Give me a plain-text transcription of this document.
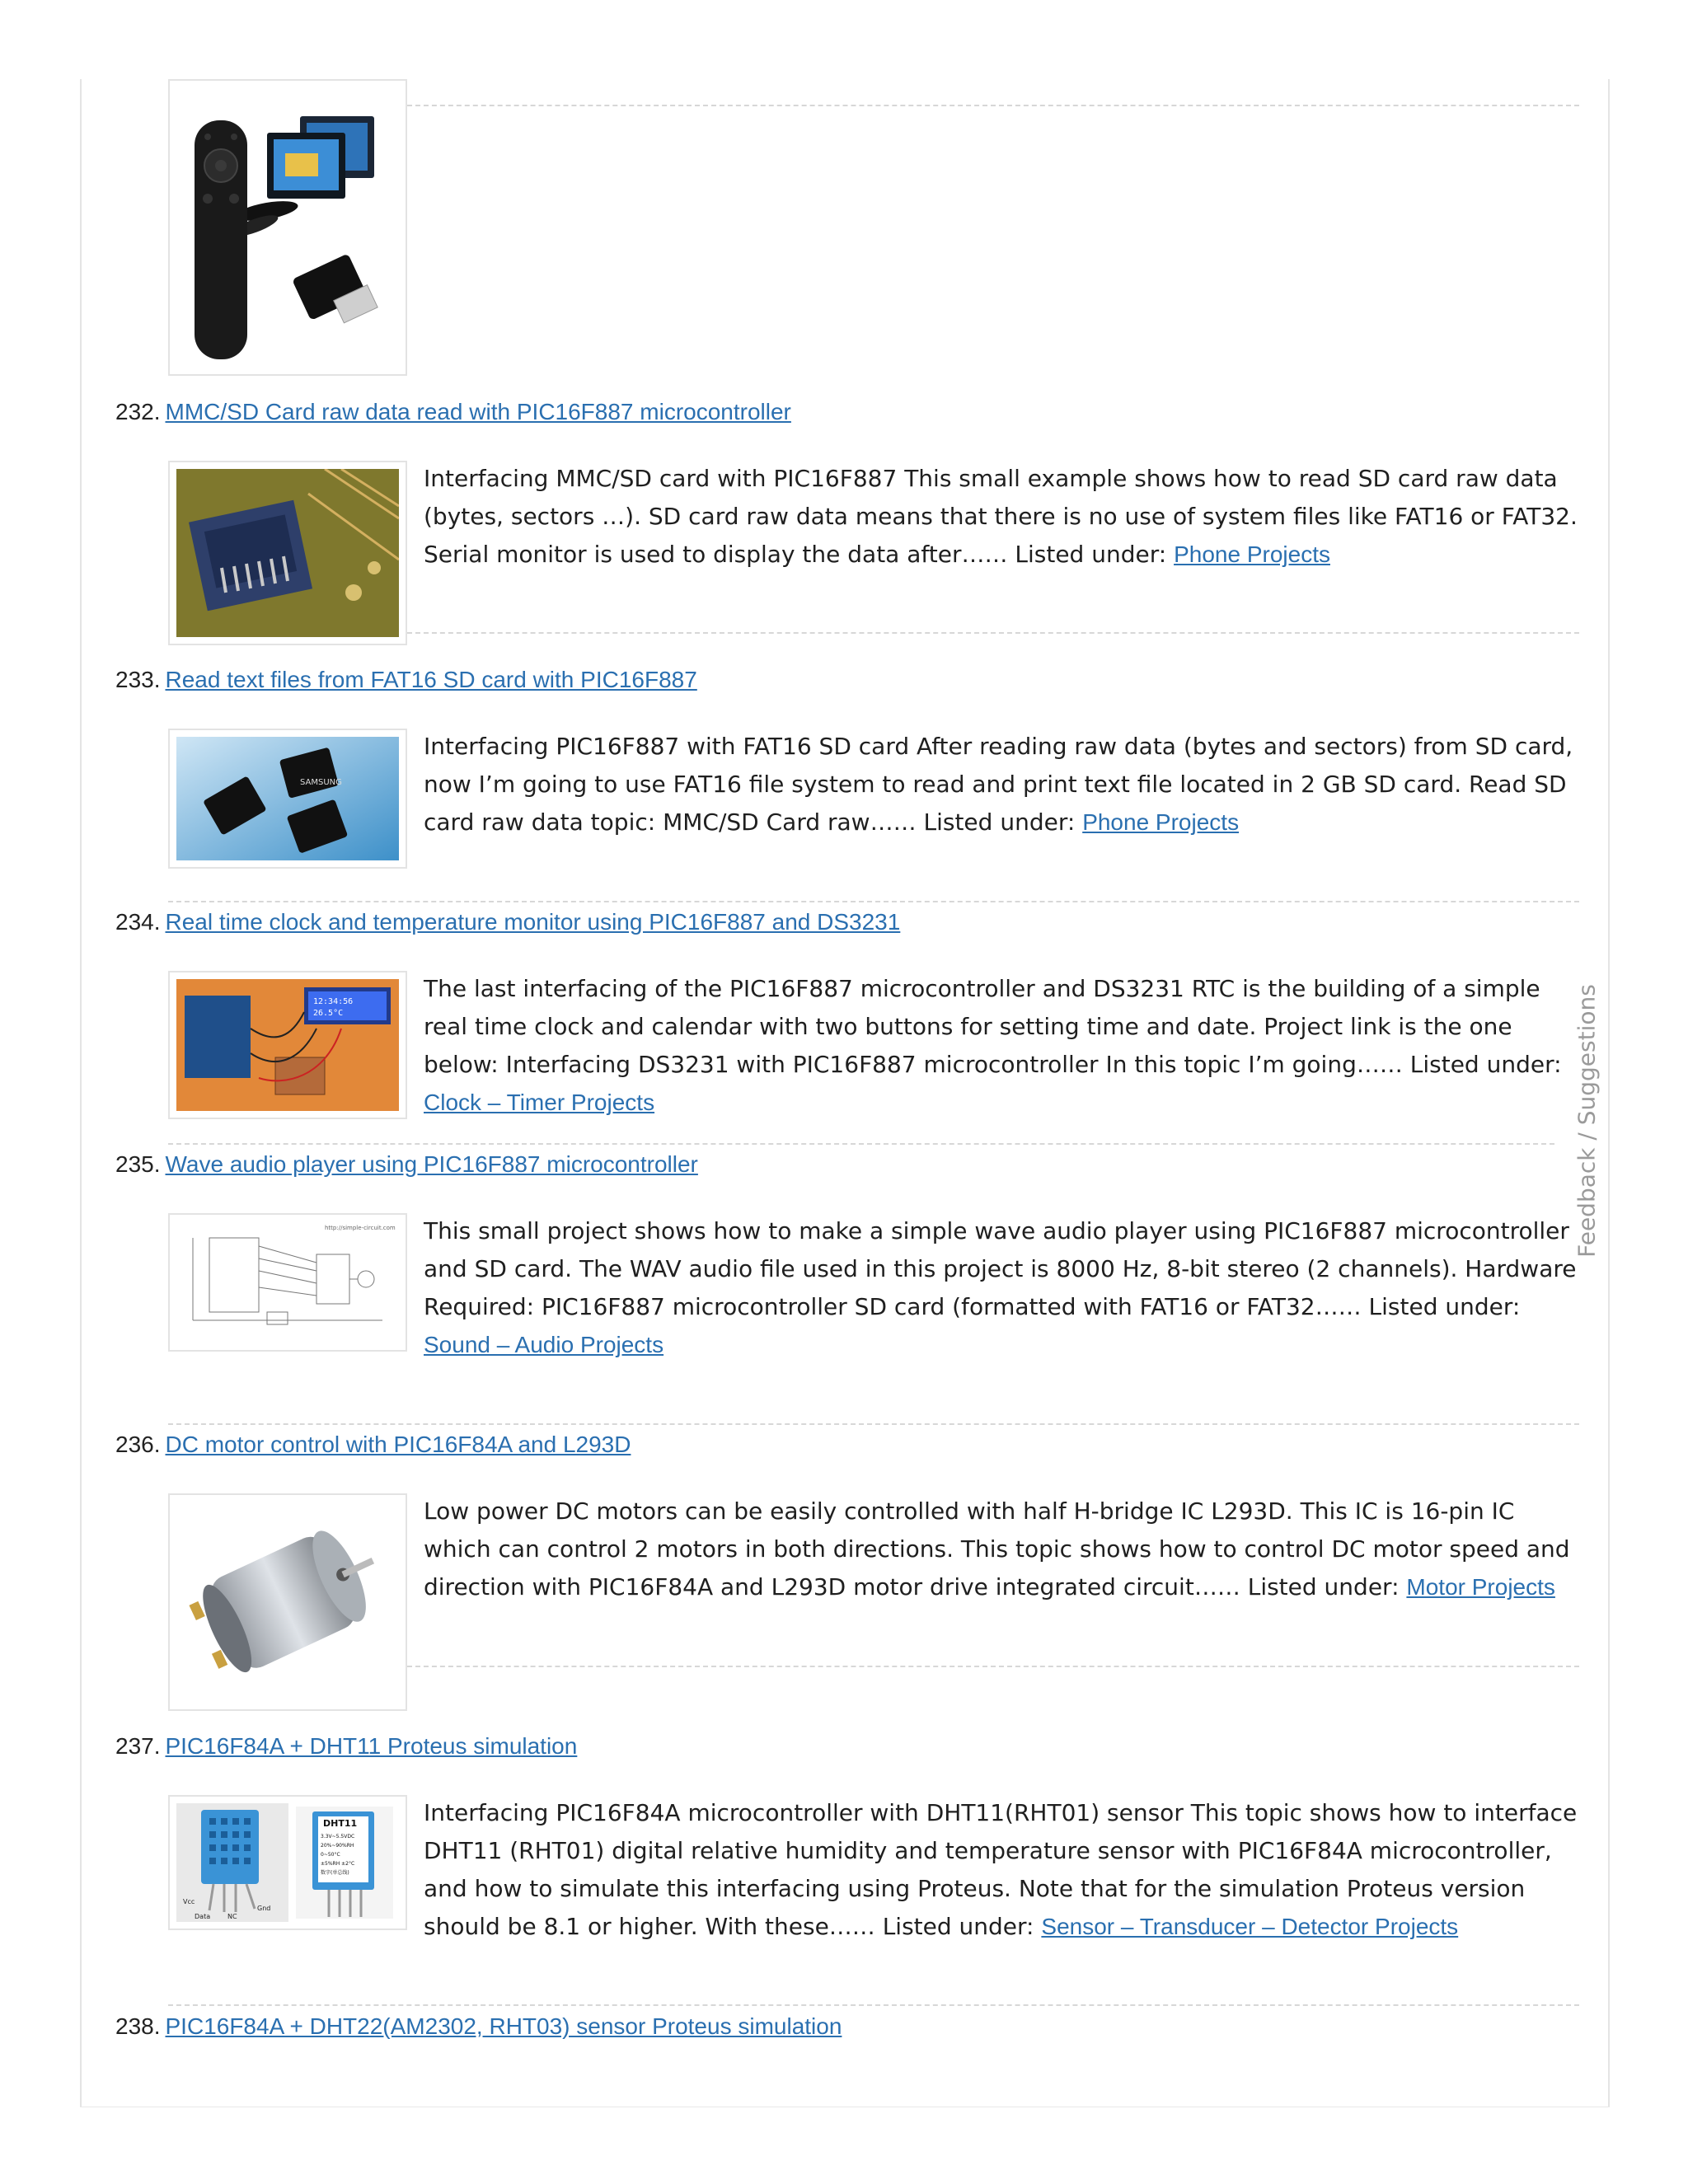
232. MMC/SD Card raw data read with PIC16F887 microcontroller
Interfacing MMC/SD card with PIC16F887 This small example shows how to read SD card raw data (bytes, sectors …). SD card raw data means that there is no use of system files like FAT16 or FAT32. Serial monitor is used to display the data after…… Listed under: Phone Projects
233. Read text files from FAT16 SD card with PIC16F887
SAMSUNG
Interfacing PIC16F887 with FAT16 SD card After reading raw data (bytes and sectors) from SD card, now I’m going to use FAT16 file system to read and print text file located in 2 GB SD card. Read SD card raw data topic: MMC/SD Card raw…… Listed under: Phone Projects
234. Real time clock and temperature monitor using PIC16F887 and DS3231
12:34:56
26.5°C
The last interfacing of the PIC16F887 microcontroller and DS3231 RTC is the building of a simple real time clock and calendar with two buttons for setting time and date. Project link is the one below: Interfacing DS3231 with PIC16F887 microcontroller In this topic I’m going…… Listed under: Clock – Timer Projects
235. Wave audio player using PIC16F887 microcontroller
http://simple-circuit.com This small project shows how to make a simple wave audio player using PIC16F887 microcontroller and SD card. The WAV audio file used in this project is 8000 Hz, 8-bit stereo (2 channels). Hardware Required: PIC16F887 microcontroller SD card (formatted with FAT16 or FAT32…… Listed under: Sound – Audio Projects
236. DC motor control with PIC16F84A and L293D
Low power DC motors can be easily controlled with half H-bridge IC L293D. This IC is 16-pin IC which can control 2 motors in both directions. This topic shows how to control DC motor speed and direction with PIC16F84A and L293D motor drive integrated circuit…… Listed under: Motor Projects
237. PIC16F84A + DHT11 Proteus simulation
Vcc
Gnd
Data	NC
DHT11
3.3V~5.5VDC
20%~90%RH
0~50°C
±5%RH ±2°C
数字(单总线)
Interfacing PIC16F84A microcontroller with DHT11(RHT01) sensor This topic shows how to interface DHT11 (RHT01) digital relative humidity and temperature sensor with PIC16F84A microcontroller, and how to simulate this interfacing using Proteus. Note that for the simulation Proteus version should be 8.1 or higher. With these…… Listed under: Sensor – Transducer – Detector Projects
238. PIC16F84A + DHT22(AM2302, RHT03) sensor Proteus simulation
Feedback / Suggestions
